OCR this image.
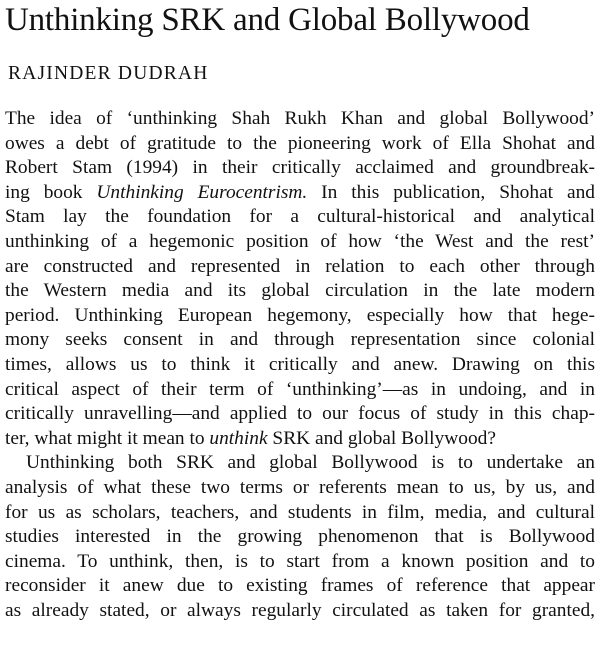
Unthinking SRK and Global Bollywood
RAJINDER DUDRAH
The idea of ‘unthinking Shah Rukh Khan and global Bollywood’
owes a debt of gratitude to the pioneering work of Ella Shohat and
Robert Stam (1994) in their critically acclaimed and groundbreak-
ing book Unthinking Eurocentrism. In this publication, Shohat and
Stam lay the foundation for a cultural-historical and analytical
unthinking of a hegemonic position of how ‘the West and the rest’
are constructed and represented in relation to each other through
the Western media and its global circulation in the late modern
period. Unthinking European hegemony, especially how that hege-
mony seeks consent in and through representation since colonial
times, allows us to think it critically and anew. Drawing on this
critical aspect of their term of ‘unthinking’—as in undoing, and in
critically unravelling—and applied to our focus of study in this chap-
ter, what might it mean to unthink SRK and global Bollywood?
Unthinking both SRK and global Bollywood is to undertake an
analysis of what these two terms or referents mean to us, by us, and
for us as scholars, teachers, and students in film, media, and cultural
studies interested in the growing phenomenon that is Bollywood
cinema. To unthink, then, is to start from a known position and to
reconsider it anew due to existing frames of reference that appear
as already stated, or always regularly circulated as taken for granted,
